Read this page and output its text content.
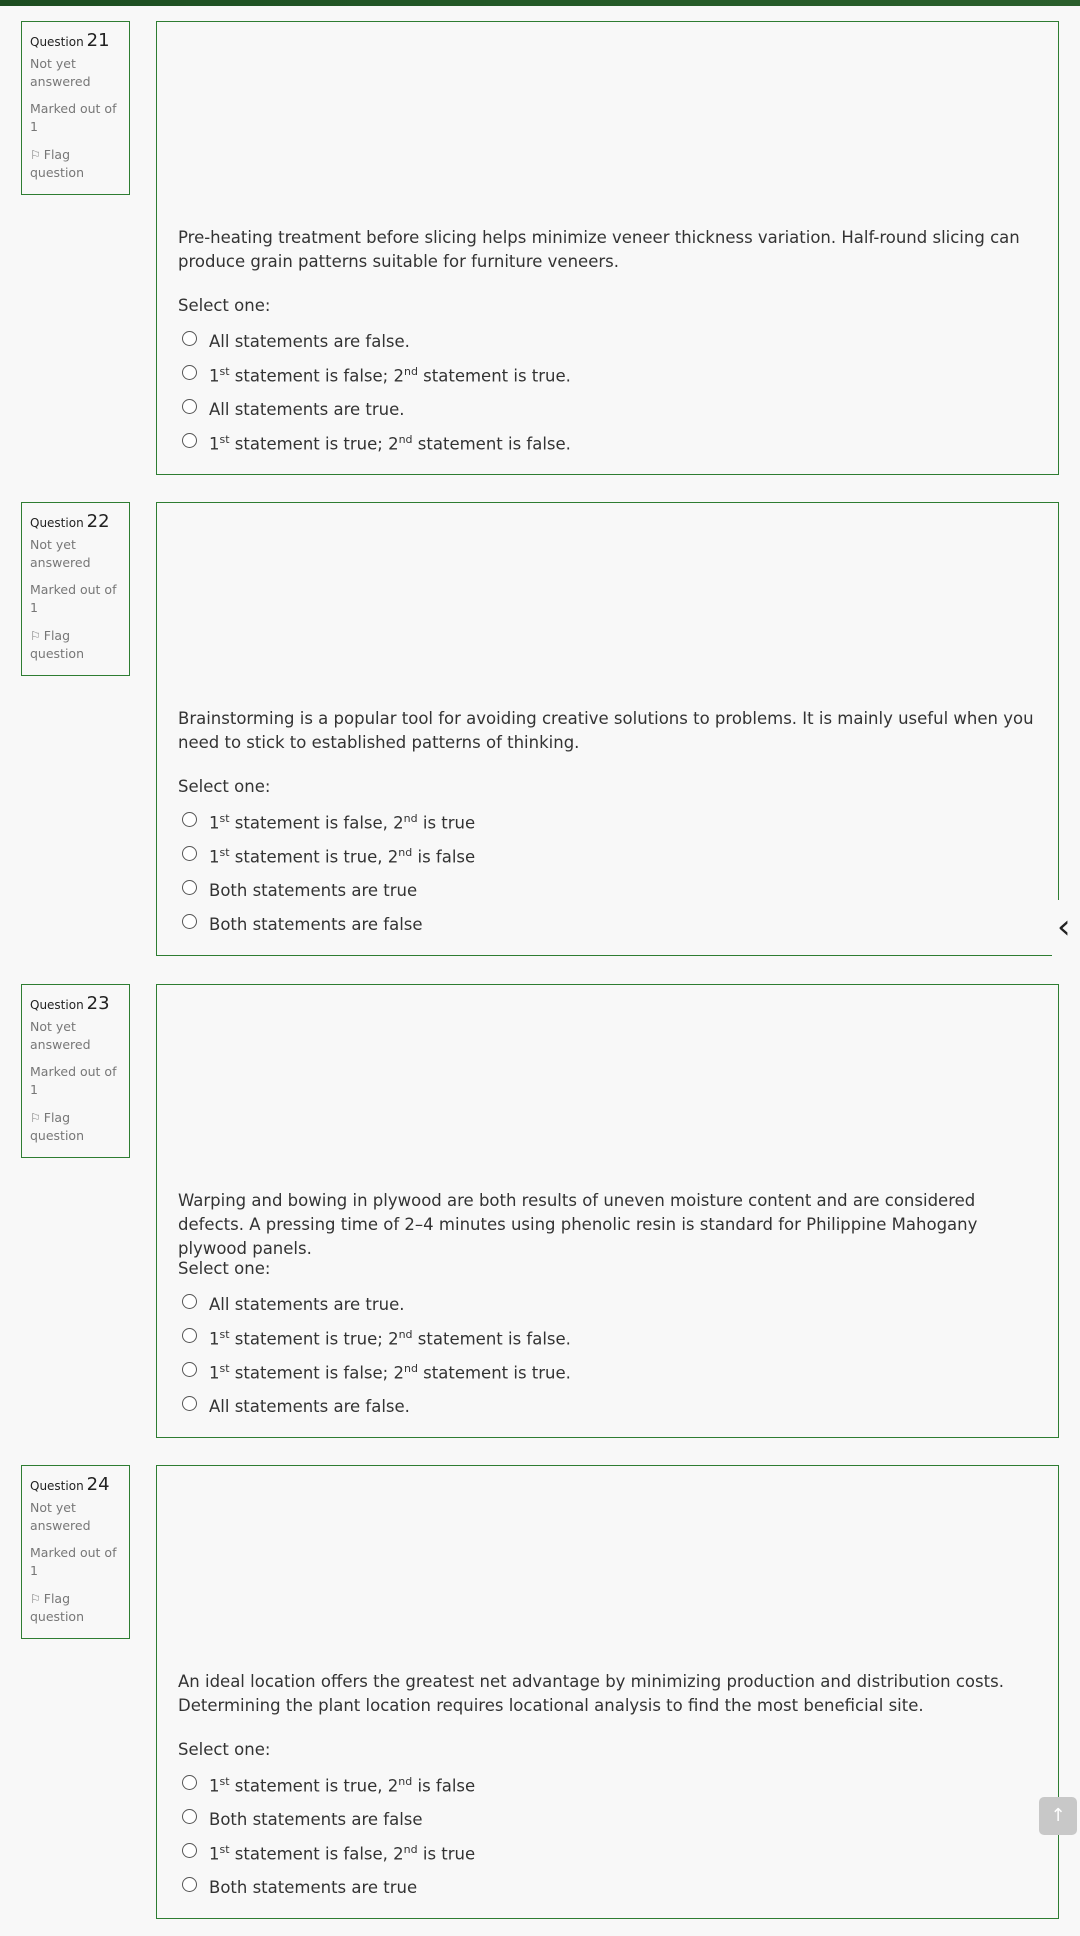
Question 21
Not yet answered
Marked out of 1
⚐ Flag question
Pre-heating treatment before slicing helps minimize veneer thickness variation. Half-round slicing can produce grain patterns suitable for furniture veneers.
Select one:
All statements are false.
1st statement is false; 2nd statement is true.
All statements are true.
1st statement is true; 2nd statement is false.
Question 22
Not yet answered
Marked out of 1
⚐ Flag question
Brainstorming is a popular tool for avoiding creative solutions to problems. It is mainly useful when you need to stick to established patterns of thinking.
Select one:
1st statement is false, 2nd is true
1st statement is true, 2nd is false
Both statements are true
Both statements are false
Question 23
Not yet answered
Marked out of 1
⚐ Flag question
Warping and bowing in plywood are both results of uneven moisture content and are considered defects. A pressing time of 2–4 minutes using phenolic resin is standard for Philippine Mahogany plywood panels.
Select one:
All statements are true.
1st statement is true; 2nd statement is false.
1st statement is false; 2nd statement is true.
All statements are false.
Question 24
Not yet answered
Marked out of 1
⚐ Flag question
An ideal location offers the greatest net advantage by minimizing production and distribution costs. Determining the plant location requires locational analysis to find the most beneficial site.
Select one:
1st statement is true, 2nd is false
Both statements are false
1st statement is false, 2nd is true
Both statements are true
‹
↑
